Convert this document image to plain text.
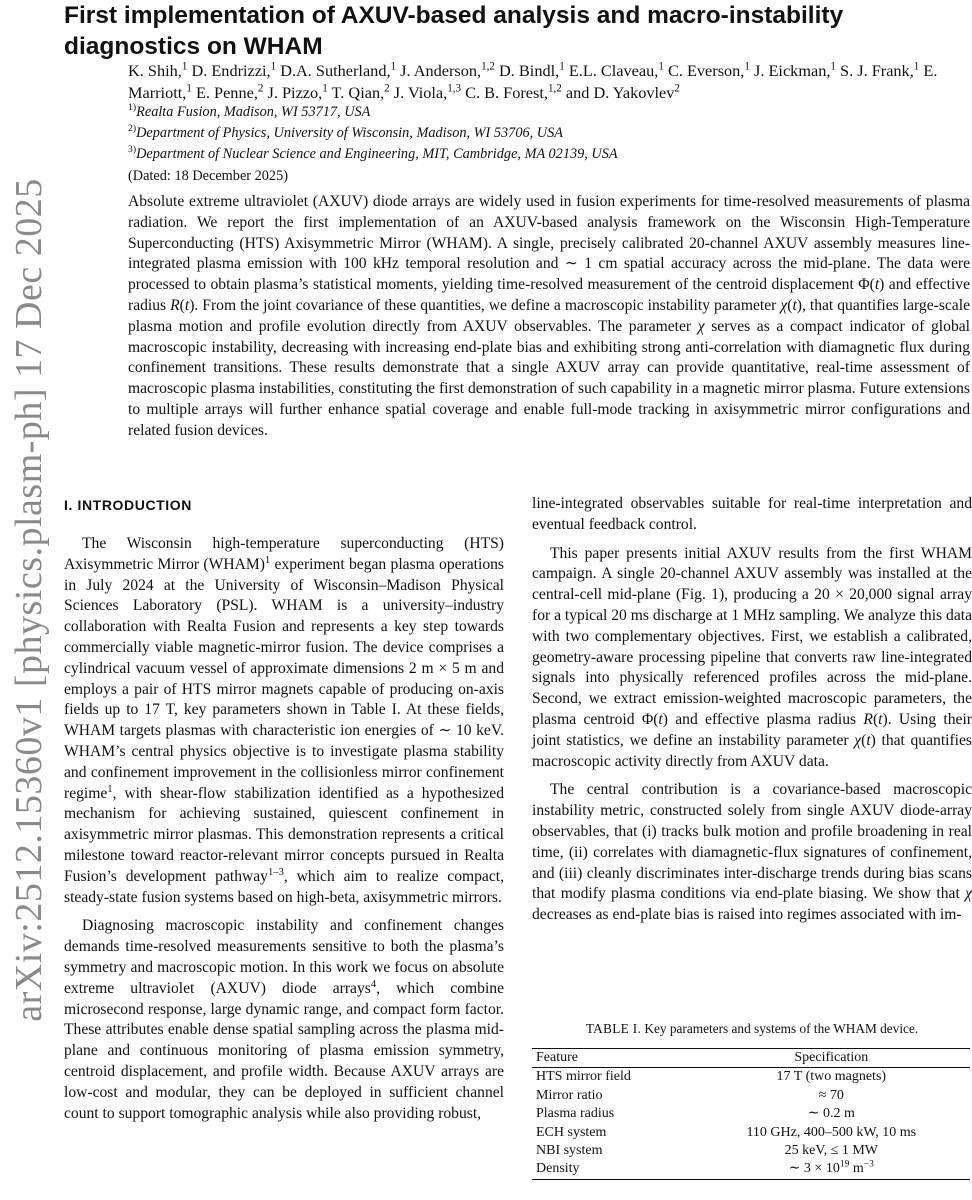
arXiv:2512.15360v1 [physics.plasm-ph] 17 Dec 2025
First implementation of AXUV-based analysis and macro-instability diagnostics on WHAM
K. Shih,$^1$ D. Endrizzi,$^1$ D.A. Sutherland,$^1$ J. Anderson,$^{1,2}$ D. Bindl,$^1$ E.L. Claveau,$^1$ C. Everson,$^1$ J. Eickman,$^1$ S. J. Frank,$^1$ E. Marriott,$^1$ E. Penne,$^2$ J. Pizzo,$^1$ T. Qian,$^2$ J. Viola,$^{1,3}$ C. B. Forest,$^{1,2}$ and D. Yakovlev$^2$
$^{1)}$Realta Fusion, Madison, WI 53717, USA
$^{2)}$Department of Physics, University of Wisconsin, Madison, WI 53706, USA
$^{3)}$Department of Nuclear Science and Engineering, MIT, Cambridge, MA 02139, USA
(Dated: 18 December 2025)

Absolute extreme ultraviolet (AXUV) diode arrays are widely used in fusion experiments for time-resolved measurements of plasma radiation. We report the first implementation of an AXUV-based analysis framework on the Wisconsin High-Temperature Superconducting (HTS) Axisymmetric Mirror (WHAM). A single, precisely calibrated 20-channel AXUV assembly measures line-integrated plasma emission with 100 kHz temporal resolution and ∼ 1 cm spatial accuracy across the mid-plane. The data were processed to obtain plasma’s statistical moments, yielding time-resolved measurement of the centroid displacement Φ(t) and effective radius R(t). From the joint covariance of these quantities, we define a macroscopic instability parameter χ(t), that quantifies large-scale plasma motion and profile evolution directly from AXUV observables. The parameter χ serves as a compact indicator of global macroscopic instability, decreasing with increasing end-plate bias and exhibiting strong anti-correlation with diamagnetic flux during confinement transitions. These results demonstrate that a single AXUV array can provide quantitative, real-time assessment of macroscopic plasma instabilities, constituting the first demonstration of such capability in a magnetic mirror plasma. Future extensions to multiple arrays will further enhance spatial coverage and enable full-mode tracking in axisymmetric mirror configurations and related fusion devices.

I. INTRODUCTION

The Wisconsin high-temperature superconducting (HTS) Axisymmetric Mirror (WHAM)$^1$ experiment began plasma operations in July 2024 at the University of Wisconsin–Madison Physical Sciences Laboratory (PSL). WHAM is a university–industry collaboration with Realta Fusion and represents a key step towards commercially viable magnetic-mirror fusion. The device comprises a cylindrical vacuum vessel of approximate dimensions 2 m × 5 m and employs a pair of HTS mirror magnets capable of producing on-axis fields up to 17 T, key parameters shown in Table I. At these fields, WHAM targets plasmas with characteristic ion energies of ∼ 10 keV. WHAM’s central physics objective is to investigate plasma stability and confinement improvement in the collisionless mirror confinement regime$^1$, with shear-flow stabilization identified as a hypothesized mechanism for achieving sustained, quiescent confinement in axisymmetric mirror plasmas. This demonstration represents a critical milestone toward reactor-relevant mirror concepts pursued in Realta Fusion’s development pathway$^{1-3}$, which aim to realize compact, steady-state fusion systems based on high-beta, axisymmetric mirrors.

Diagnosing macroscopic instability and confinement changes demands time-resolved measurements sensitive to both the plasma’s symmetry and macroscopic motion. In this work we focus on absolute extreme ultraviolet (AXUV) diode arrays$^4$, which combine microsecond response, large dynamic range, and compact form factor. These attributes enable dense spatial sampling across the plasma mid-plane and continuous monitoring of plasma emission symmetry, centroid displacement, and profile width. Because AXUV arrays are low-cost and modular, they can be deployed in sufficient channel count to support tomographic analysis while also providing robust,

line-integrated observables suitable for real-time interpretation and eventual feedback control.

This paper presents initial AXUV results from the first WHAM campaign. A single 20-channel AXUV assembly was installed at the central-cell mid-plane (Fig. 1), producing a 20 × 20,000 signal array for a typical 20 ms discharge at 1 MHz sampling. We analyze this data with two complementary objectives. First, we establish a calibrated, geometry-aware processing pipeline that converts raw line-integrated signals into physically referenced profiles across the mid-plane. Second, we extract emission-weighted macroscopic parameters, the plasma centroid Φ(t) and effective plasma radius R(t). Using their joint statistics, we define an instability parameter χ(t) that quantifies macroscopic activity directly from AXUV data.

The central contribution is a covariance-based macroscopic instability metric, constructed solely from single AXUV diode-array observables, that (i) tracks bulk motion and profile broadening in real time, (ii) correlates with diamagnetic-flux signatures of confinement, and (iii) cleanly discriminates inter-discharge trends during bias scans that modify plasma conditions via end-plate biasing. We show that χ decreases as end-plate bias is raised into regimes associated with im-

TABLE I. Key parameters and systems of the WHAM device.

Feature	Specification
HTS mirror field	17 T (two magnets)
Mirror ratio	≈ 70
Plasma radius	∼ 0.2 m
ECH system	110 GHz, 400–500 kW, 10 ms
NBI system	25 keV, ≤ 1 MW
Density	∼ $3 \times 10^{19}$ $m^{-3}$
